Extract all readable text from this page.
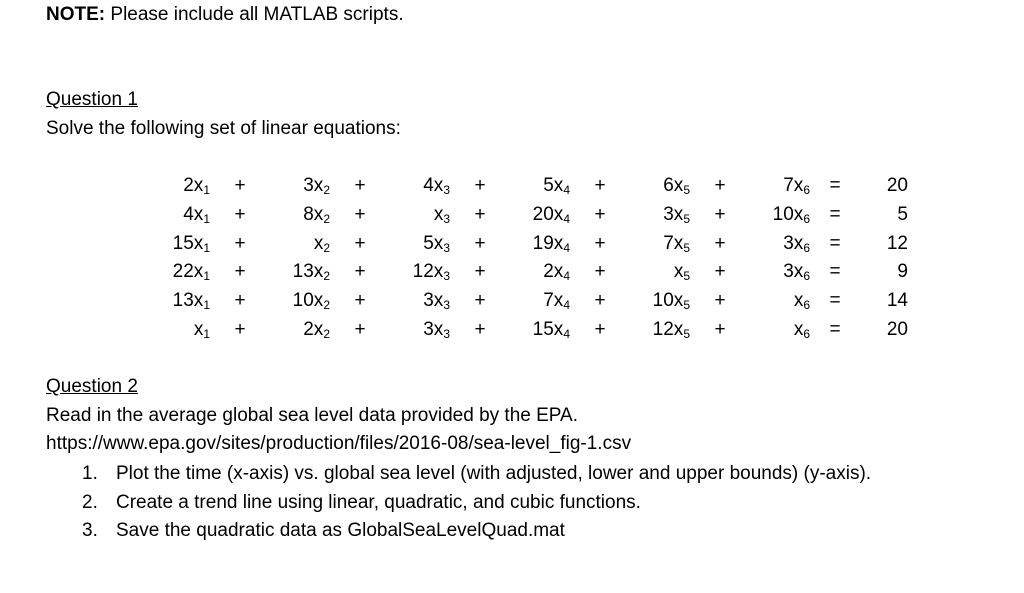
NOTE: Please include all MATLAB scripts.
Question 1
Solve the following set of linear equations:
$2x_1$	+	$3x_2$	+	$4x_3$	+	$5x_4$	+	$6x_5$	+	$7x_6$	=	20
$4x_1$	+	$8x_2$	+	$x_3$	+	$20x_4$	+	$3x_5$	+	$10x_6$	=	5
$15x_1$	+	$x_2$	+	$5x_3$	+	$19x_4$	+	$7x_5$	+	$3x_6$	=	12
$22x_1$	+	$13x_2$	+	$12x_3$	+	$2x_4$	+	$x_5$	+	$3x_6$	=	9
$13x_1$	+	$10x_2$	+	$3x_3$	+	$7x_4$	+	$10x_5$	+	$x_6$	=	14
$x_1$	+	$2x_2$	+	$3x_3$	+	$15x_4$	+	$12x_5$	+	$x_6$	=	20
Question 2
Read in the average global sea level data provided by the EPA.
https://www.epa.gov/sites/production/files/2016-08/sea-level_fig-1.csv
1. Plot the time (x-axis) vs. global sea level (with adjusted, lower and upper bounds) (y-axis).
2. Create a trend line using linear, quadratic, and cubic functions.
3. Save the quadratic data as GlobalSeaLevelQuad.mat
